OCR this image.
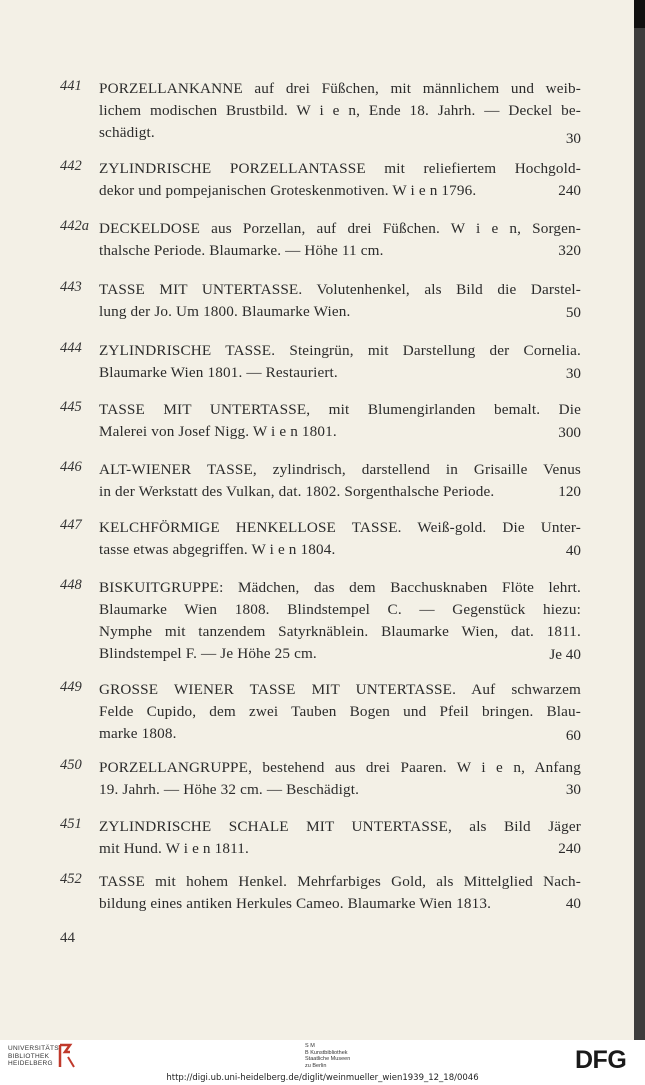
441 PORZELLANKANNE auf drei Füßchen, mit männlichem und weib-
lichem modischen Brustbild. W i e n, Ende 18. Jahrh. — Deckel be-
schädigt.	30
442 ZYLINDRISCHE PORZELLANTASSE mit reliefiertem Hochgold-
dekor und pompejanischen Groteskenmotiven. W i e n 1796.	240
442a DECKELDOSE aus Porzellan, auf drei Füßchen. W i e n, Sorgen-
thalsche Periode. Blaumarke. — Höhe 11 cm.	320
443 TASSE MIT UNTERTASSE. Volutenhenkel, als Bild die Darstel-
lung der Jo. Um 1800. Blaumarke Wien.	50
444 ZYLINDRISCHE TASSE. Steingrün, mit Darstellung der Cornelia.
Blaumarke Wien 1801. — Restauriert.	30
445 TASSE MIT UNTERTASSE, mit Blumengirlanden bemalt. Die
Malerei von Josef Nigg. W i e n 1801.	300
446 ALT-WIENER TASSE, zylindrisch, darstellend in Grisaille Venus
in der Werkstatt des Vulkan, dat. 1802. Sorgenthalsche Periode.	120
447 KELCHFÖRMIGE HENKELLOSE TASSE. Weiß-gold. Die Unter-
tasse etwas abgegriffen. W i e n 1804.	40
448 BISKUITGRUPPE: Mädchen, das dem Bacchusknaben Flöte lehrt.
Blaumarke Wien 1808. Blindstempel C. — Gegenstück hiezu:
Nymphe mit tanzendem Satyrknäblein. Blaumarke Wien, dat. 1811.
Blindstempel F. — Je Höhe 25 cm.	Je 40
449 GROSSE WIENER TASSE MIT UNTERTASSE. Auf schwarzem
Felde Cupido, dem zwei Tauben Bogen und Pfeil bringen. Blau-
marke 1808.	60
450 PORZELLANGRUPPE, bestehend aus drei Paaren. W i e n, Anfang
19. Jahrh. — Höhe 32 cm. — Beschädigt.	30
451 ZYLINDRISCHE SCHALE MIT UNTERTASSE, als Bild Jäger
mit Hund. W i e n 1811.	240
452 TASSE mit hohem Henkel. Mehrfarbiges Gold, als Mittelglied Nach-
bildung eines antiken Herkules Cameo. Blaumarke Wien 1813.	40
44
UNIVERSITÄTS
BIBLIOTHEK
HEIDELBERG
S M
B Kunstbibliothek
Staatliche Museen
zu Berlin	DFG
http://digi.ub.uni-heidelberg.de/diglit/weinmueller_wien1939_12_18/0046
